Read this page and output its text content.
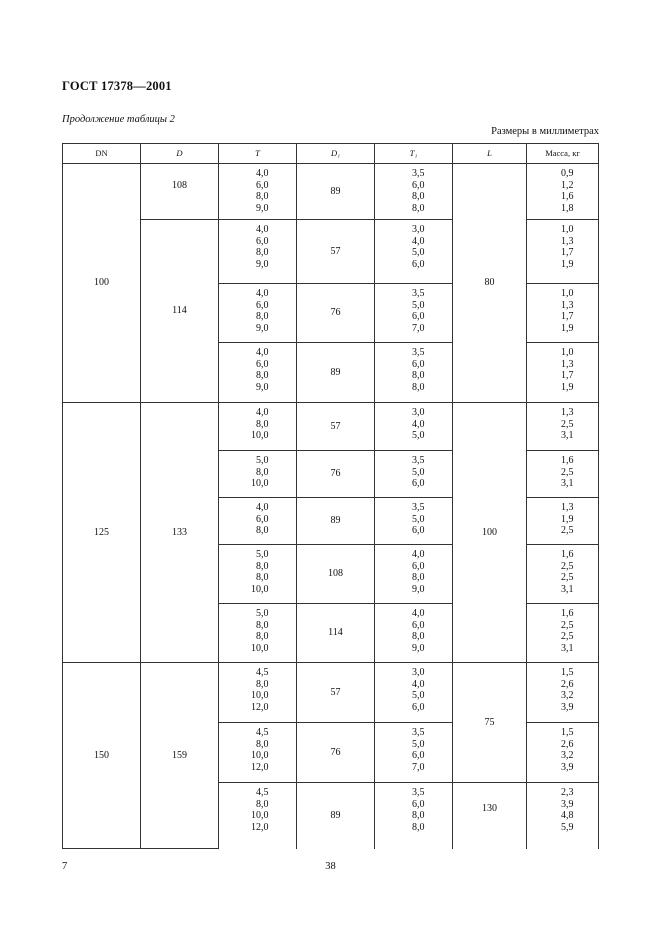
ГОСТ 17378—2001
Продолжение таблицы 2
Размеры в миллиметрах
DN	D	T	D₁	T₁	L	Масса, кг
100	108	4,0
6,0
8,0
9,0	89	3,5
6,0
8,0
8,0	80	0,9
1,2
1,6
1,8

	114	4,0
6,0
8,0
9,0	57	3,0
4,0
5,0
6,0		1,0
1,3
1,7
1,9

		4,0
6,0
8,0
9,0	76	3,5
5,0
6,0
7,0		1,0
1,3
1,7
1,9

		4,0
6,0
8,0
9,0	89	3,5
6,0
8,0
8,0		1,0
1,3
1,7
1,9

125	133	4,0
8,0
10,0	57	3,0
4,0
5,0	100	1,3
2,5
3,1

		5,0
8,0
10,0	76	3,5
5,0
6,0		1,6
2,5
3,1

		4,0
6,0
8,0	89	3,5
5,0
6,0		1,3
1,9
2,5

		5,0
8,0
8,0
10,0	108	4,0
6,0
8,0
9,0		1,6
2,5
2,5
3,1

		5,0
8,0
8,0
10,0	114	4,0
6,0
8,0
9,0		1,6
2,5
2,5
3,1

150	159	4,5
8,0
10,0
12,0	57	3,0
4,0
5,0
6,0	75	1,5
2,6
3,2
3,9

		4,5
8,0
10,0
12,0	76	3,5
5,0
6,0
7,0		1,5
2,6
3,2
3,9

		4,5
8,0
10,0
12,0	89	3,5
6,0
8,0
8,0	130	2,3
3,9
4,8
5,9

7	38
